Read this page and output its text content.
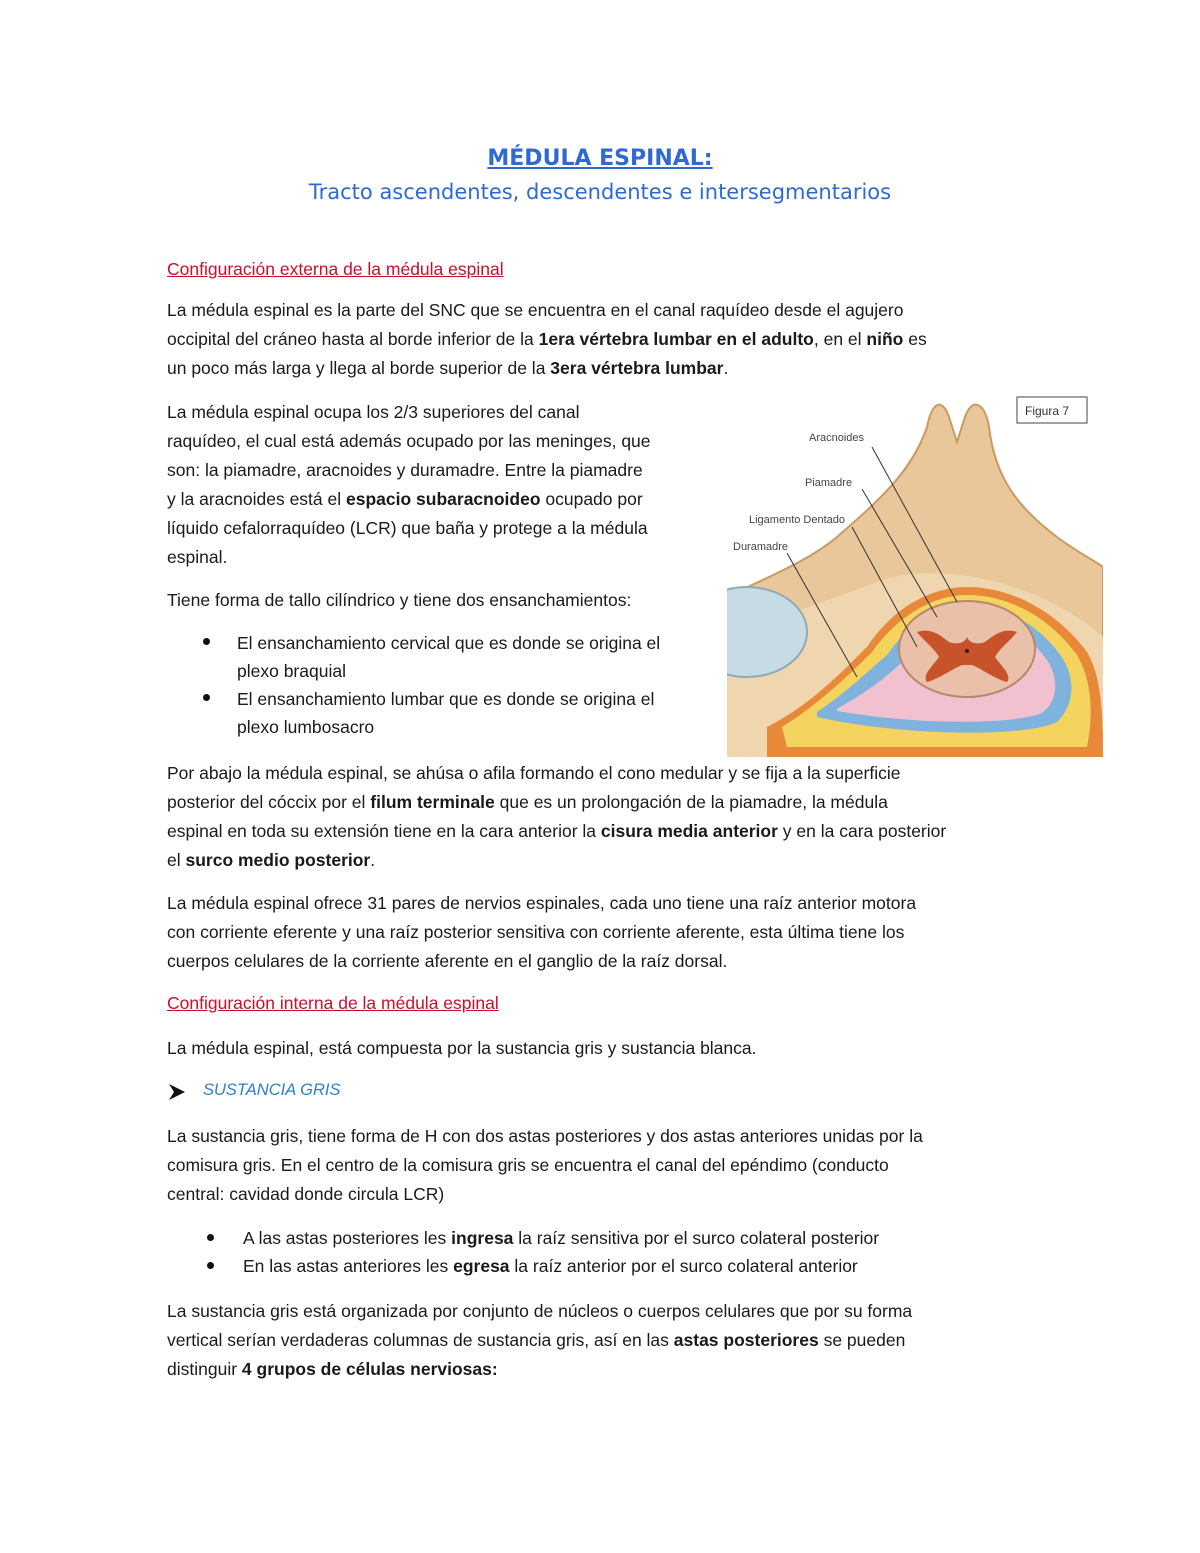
MÉDULA ESPINAL:
Tracto ascendentes, descendentes e intersegmentarios
Configuración externa de la médula espinal
La médula espinal es la parte del SNC que se encuentra en el canal raquídeo desde el agujero
occipital del cráneo hasta al borde inferior de la 1era vértebra lumbar en el adulto, en el niño es
un poco más larga y llega al borde superior de la 3era vértebra lumbar.
La médula espinal ocupa los 2/3 superiores del canal
raquídeo, el cual está además ocupado por las meninges, que
son: la piamadre, aracnoides y duramadre. Entre la piamadre
y la aracnoides está el espacio subaracnoideo ocupado por
líquido cefalorraquídeo (LCR) que baña y protege a la médula
espinal.
Tiene forma de tallo cilíndrico y tiene dos ensanchamientos:
El ensanchamiento cervical que es donde se origina el
plexo braquial
El ensanchamiento lumbar que es donde se origina el
plexo lumbosacro
Figura 7
Aracnoides
Piamadre
Ligamento Dentado
Duramadre
Por abajo la médula espinal, se ahúsa o afila formando el cono medular y se fija a la superficie
posterior del cóccix por el filum terminale que es un prolongación de la piamadre, la médula
espinal en toda su extensión tiene en la cara anterior la cisura media anterior y en la cara posterior
el surco medio posterior.
La médula espinal ofrece 31 pares de nervios espinales, cada uno tiene una raíz anterior motora
con corriente eferente y una raíz posterior sensitiva con corriente aferente, esta última tiene los
cuerpos celulares de la corriente aferente en el ganglio de la raíz dorsal.
Configuración interna de la médula espinal
La médula espinal, está compuesta por la sustancia gris y sustancia blanca.
SUSTANCIA GRIS
La sustancia gris, tiene forma de H con dos astas posteriores y dos astas anteriores unidas por la
comisura gris. En el centro de la comisura gris se encuentra el canal del epéndimo (conducto
central: cavidad donde circula LCR)
A las astas posteriores les ingresa la raíz sensitiva por el surco colateral posterior
En las astas anteriores les egresa la raíz anterior por el surco colateral anterior
La sustancia gris está organizada por conjunto de núcleos o cuerpos celulares que por su forma
vertical serían verdaderas columnas de sustancia gris, así en las astas posteriores se pueden
distinguir 4 grupos de células nerviosas:
